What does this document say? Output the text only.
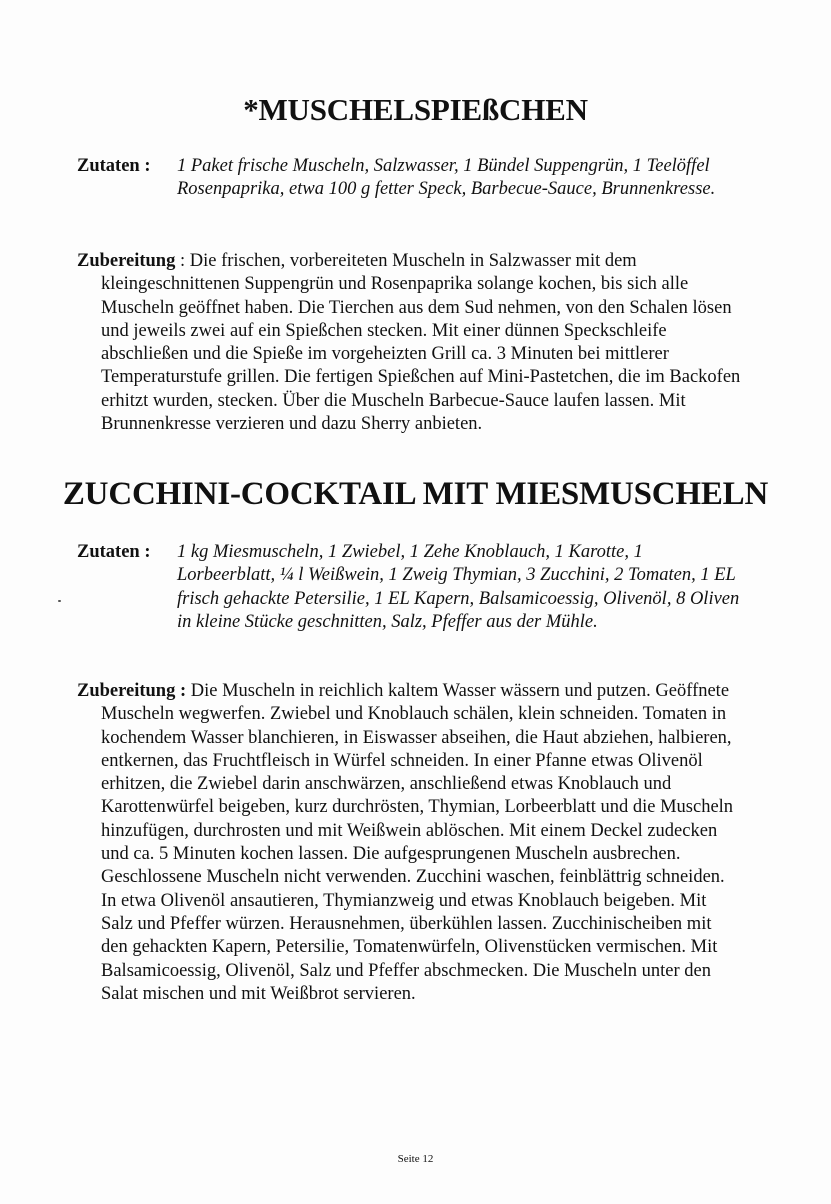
*MUSCHELSPIEßCHEN
Zutaten : 1 Paket frische Muscheln, Salzwasser, 1 Bündel Suppengrün, 1 Teelöffel Rosenpaprika, etwa 100 g fetter Speck, Barbecue-Sauce, Brunnenkresse.

Zubereitung : Die frischen, vorbereiteten Muscheln in Salzwasser mit dem kleingeschnittenen Suppengrün und Rosenpaprika solange kochen, bis sich alle Muscheln geöffnet haben. Die Tierchen aus dem Sud nehmen, von den Schalen lösen und jeweils zwei auf ein Spießchen stecken. Mit einer dünnen Speckschleife abschließen und die Spieße im vorgeheizten Grill ca. 3 Minuten bei mittlerer Temperaturstufe grillen. Die fertigen Spießchen auf Mini-Pastetchen, die im Backofen erhitzt wurden, stecken. Über die Muscheln Barbecue-Sauce laufen lassen. Mit Brunnenkresse verzieren und dazu Sherry anbieten.

ZUCCHINI-COCKTAIL MIT MIESMUSCHELN
Zutaten : 1 kg Miesmuscheln, 1 Zwiebel, 1 Zehe Knoblauch, 1 Karotte, 1 Lorbeerblatt, ¼ l Weißwein, 1 Zweig Thymian, 3 Zucchini, 2 Tomaten, 1 EL frisch gehackte Petersilie, 1 EL Kapern, Balsamicoessig, Olivenöl, 8 Oliven in kleine Stücke geschnitten, Salz, Pfeffer aus der Mühle.

Zubereitung : Die Muscheln in reichlich kaltem Wasser wässern und putzen. Geöffnete Muscheln wegwerfen. Zwiebel und Knoblauch schälen, klein schneiden. Tomaten in kochendem Wasser blanchieren, in Eiswasser abseihen, die Haut abziehen, halbieren, entkernen, das Fruchtfleisch in Würfel schneiden. In einer Pfanne etwas Olivenöl erhitzen, die Zwiebel darin anschwärzen, anschließend etwas Knoblauch und Karottenwürfel beigeben, kurz durchrösten, Thymian, Lorbeerblatt und die Muscheln hinzufügen, durchrosten und mit Weißwein ablöschen. Mit einem Deckel zudecken und ca. 5 Minuten kochen lassen. Die aufgesprungenen Muscheln ausbrechen. Geschlossene Muscheln nicht verwenden. Zucchini waschen, feinblättrig schneiden. In etwa Olivenöl ansautieren, Thymianzweig und etwas Knoblauch beigeben. Mit Salz und Pfeffer würzen. Herausnehmen, überkühlen lassen. Zucchinischeiben mit den gehackten Kapern, Petersilie, Tomatenwürfeln, Olivenstücken vermischen. Mit Balsamicoessig, Olivenöl, Salz und Pfeffer abschmecken. Die Muscheln unter den Salat mischen und mit Weißbrot servieren.

Seite 12
